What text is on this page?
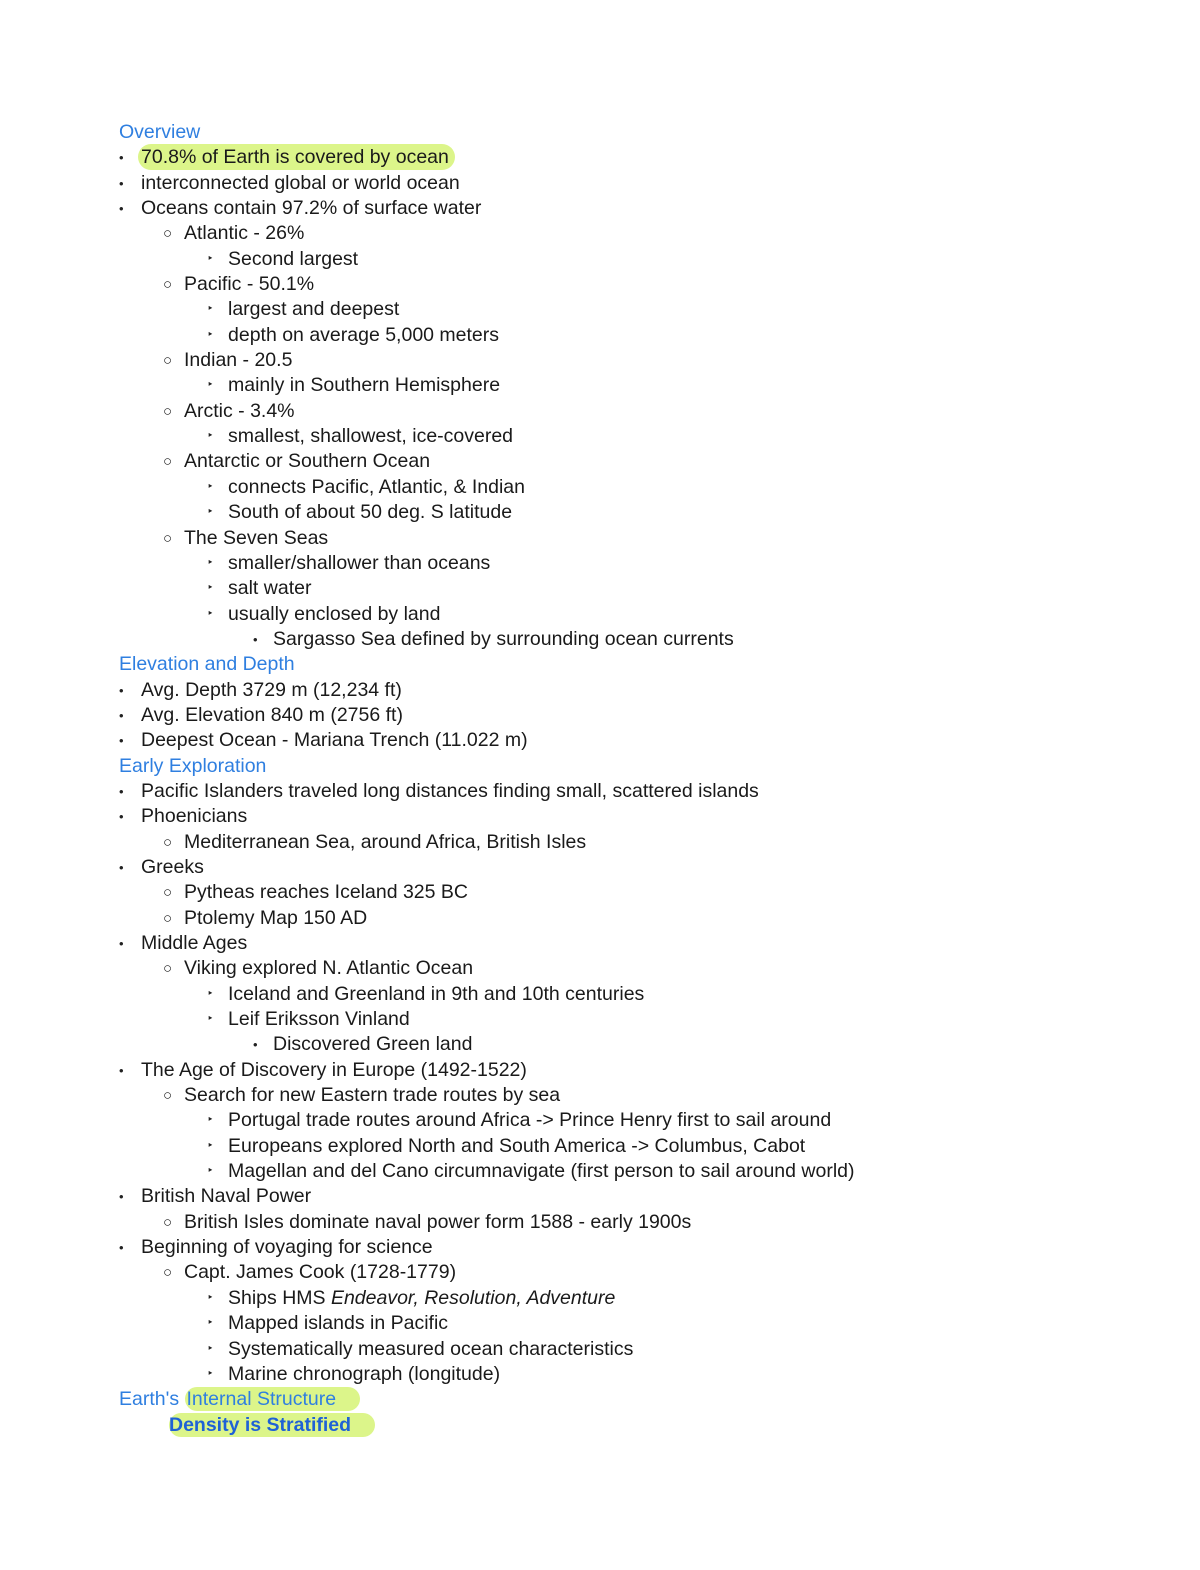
Overview
• 70.8% of Earth is covered by ocean
• interconnected global or world ocean
• Oceans contain 97.2% of surface water
○ Atlantic - 26%
‣ Second largest
○ Pacific - 50.1%
‣ largest and deepest
‣ depth on average 5,000 meters
○ Indian - 20.5
‣ mainly in Southern Hemisphere
○ Arctic - 3.4%
‣ smallest, shallowest, ice-covered
○ Antarctic or Southern Ocean
‣ connects Pacific, Atlantic, & Indian
‣ South of about 50 deg. S latitude
○ The Seven Seas
‣ smaller/shallower than oceans
‣ salt water
‣ usually enclosed by land
• Sargasso Sea defined by surrounding ocean currents
Elevation and Depth
• Avg. Depth 3729 m (12,234 ft)
• Avg. Elevation 840 m (2756 ft)
• Deepest Ocean - Mariana Trench (11.022 m)
Early Exploration
• Pacific Islanders traveled long distances finding small, scattered islands
• Phoenicians
○ Mediterranean Sea, around Africa, British Isles
• Greeks
○ Pytheas reaches Iceland 325 BC
○ Ptolemy Map 150 AD
• Middle Ages
○ Viking explored N. Atlantic Ocean
‣ Iceland and Greenland in 9th and 10th centuries
‣ Leif Eriksson Vinland
• Discovered Green land
• The Age of Discovery in Europe (1492-1522)
○ Search for new Eastern trade routes by sea
‣ Portugal trade routes around Africa -> Prince Henry first to sail around
‣ Europeans explored North and South America -> Columbus, Cabot
‣ Magellan and del Cano circumnavigate (first person to sail around world)
• British Naval Power
○ British Isles dominate naval power form 1588 - early 1900s
• Beginning of voyaging for science
○ Capt. James Cook (1728-1779)
‣ Ships HMS Endeavor, Resolution, Adventure
‣ Mapped islands in Pacific
‣ Systematically measured ocean characteristics
‣ Marine chronograph (longitude)
Earth's Internal Structure
Density is Stratified
